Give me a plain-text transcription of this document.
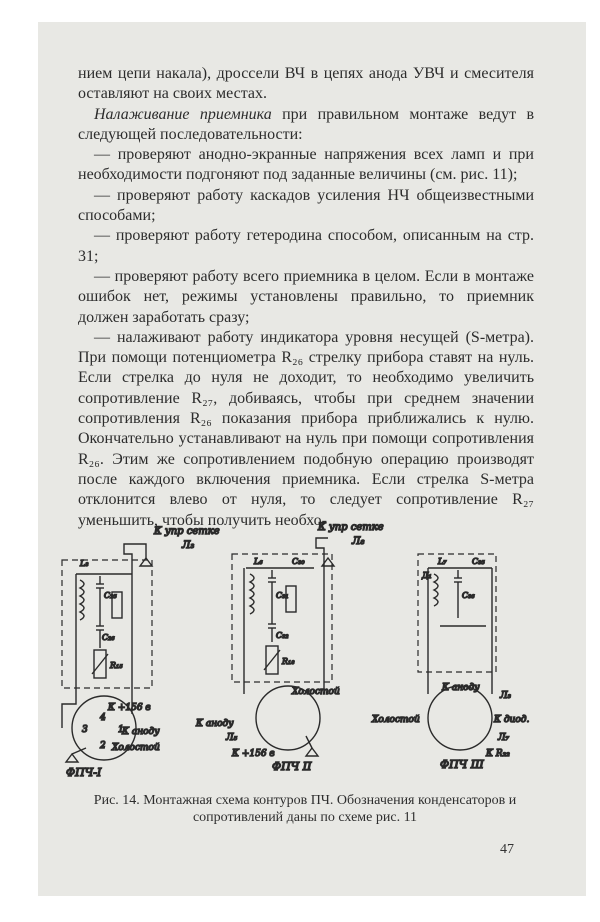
нием цепи накала), дроссели ВЧ в цепях анода УВЧ и смесителя оставляют на своих местах.

Налаживание приемника при правильном монтаже ведут в следующей последовательности:

— проверяют анодно-экранные напряжения всех ламп и при необходимости подгоняют под заданные величины (см. рис. 11);

— проверяют работу каскадов усиления НЧ общеизвестными способами;

— проверяют работу гетеродина способом, описанным на стр. 31;

— проверяют работу всего приемника в целом. Если в монтаже ошибок нет, режимы установлены правильно, то приемник должен заработать сразу;

— налаживают работу индикатора уровня несущей (S-метра). При помощи потенциометра R₂₆ стрелку прибора ставят на нуль. Если стрелка до нуля не доходит, то необходимо увеличить сопротивление R₂₇, добиваясь, чтобы при среднем значении сопротивления R₂₆ показания прибора приближались к нулю. Окончательно устанавливают на нуль при помощи сопротивления R₂₆. Этим же сопротивлением подобную операцию производят после каждого включения приемника. Если стрелка S-метра отклонится влево от нуля, то следует сопротивление R₂₇ уменьшить, чтобы получить необхо-

К упр сетке
Л₃
К упр сетке
Л₈
L₃
С₂₅
С₂₆
R₁₅
L₆	С₃₀
С₃₁
С₃₂
R₁₈
L₇	С₃₅
С₃₆
Д₁
К +156 в
К аноду
Холостой
ФПЧ-I
Холостой
К аноду
Л₅
К +156 в
ФПЧ II
К аноду
Л₃
Холостой	К диод.
Л₇
К R₂₂
ФПЧ III
4
2
3	1
Рис. 14. Монтажная схема контуров ПЧ. Обозначения конденсаторов и сопротивлений даны по схеме рис. 11
47
